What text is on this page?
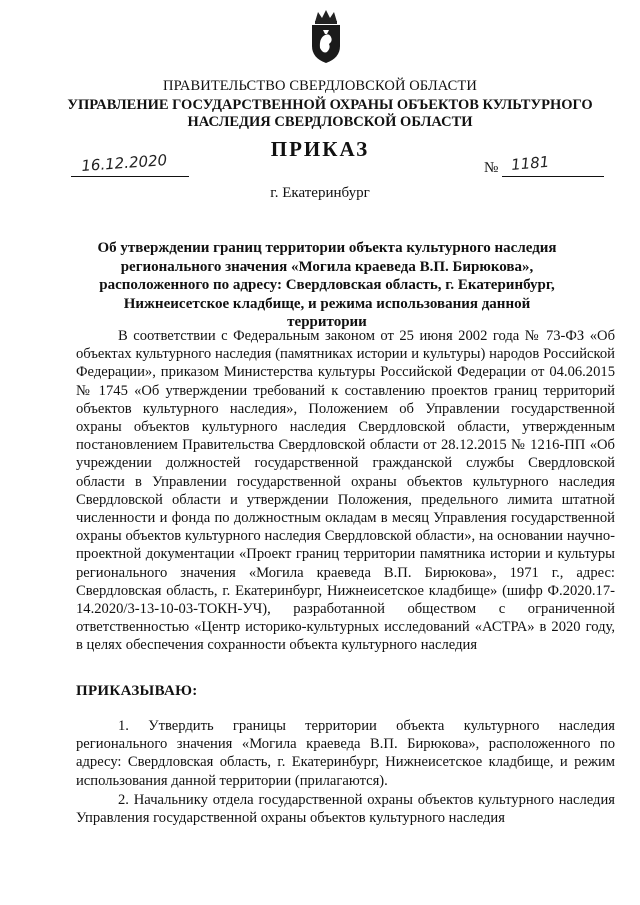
ПРАВИТЕЛЬСТВО СВЕРДЛОВСКОЙ ОБЛАСТИ
УПРАВЛЕНИЕ ГОСУДАРСТВЕННОЙ ОХРАНЫ ОБЪЕКТОВ КУЛЬТУРНОГО НАСЛЕДИЯ СВЕРДЛОВСКОЙ ОБЛАСТИ
ПРИКАЗ
16.12.2020	№ 1181
г. Екатеринбург
Об утверждении границ территории объекта культурного наследия регионального значения «Могила краеведа В.П. Бирюкова», расположенного по адресу: Свердловская область, г. Екатеринбург, Нижнеисетское кладбище, и режима использования данной территории

В соответствии с Федеральным законом от 25 июня 2002 года № 73-ФЗ «Об объектах культурного наследия (памятниках истории и культуры) народов Российской Федерации», приказом Министерства культуры Российской Федерации от 04.06.2015 № 1745 «Об утверждении требований к составлению проектов границ территорий объектов культурного наследия», Положением об Управлении государственной охраны объектов культурного наследия Свердловской области, утвержденным постановлением Правительства Свердловской области от 28.12.2015 № 1216-ПП «Об учреждении должностей государственной гражданской службы Свердловской области в Управлении государственной охраны объектов культурного наследия Свердловской области и утверждении Положения, предельного лимита штатной численности и фонда по должностным окладам в месяц Управления государственной охраны объектов культурного наследия Свердловской области», на основании научно-проектной документации «Проект границ территории памятника истории и культуры регионального значения «Могила краеведа В.П. Бирюкова», 1971 г., адрес: Свердловская область, г. Екатеринбург, Нижнеисетское кладбище» (шифр Ф.2020.17-14.2020/3-13-10-03-ТОКН-УЧ), разработанной обществом с ограниченной ответственностью «Центр историко-культурных исследований «АСТРА» в 2020 году, в целях обеспечения сохранности объекта культурного наследия

ПРИКАЗЫВАЮ:

1. Утвердить границы территории объекта культурного наследия регионального значения «Могила краеведа В.П. Бирюкова», расположенного по адресу: Свердловская область, г. Екатеринбург, Нижнеисетское кладбище, и режим использования данной территории (прилагаются).

2. Начальнику отдела государственной охраны объектов культурного наследия Управления государственной охраны объектов культурного наследия
